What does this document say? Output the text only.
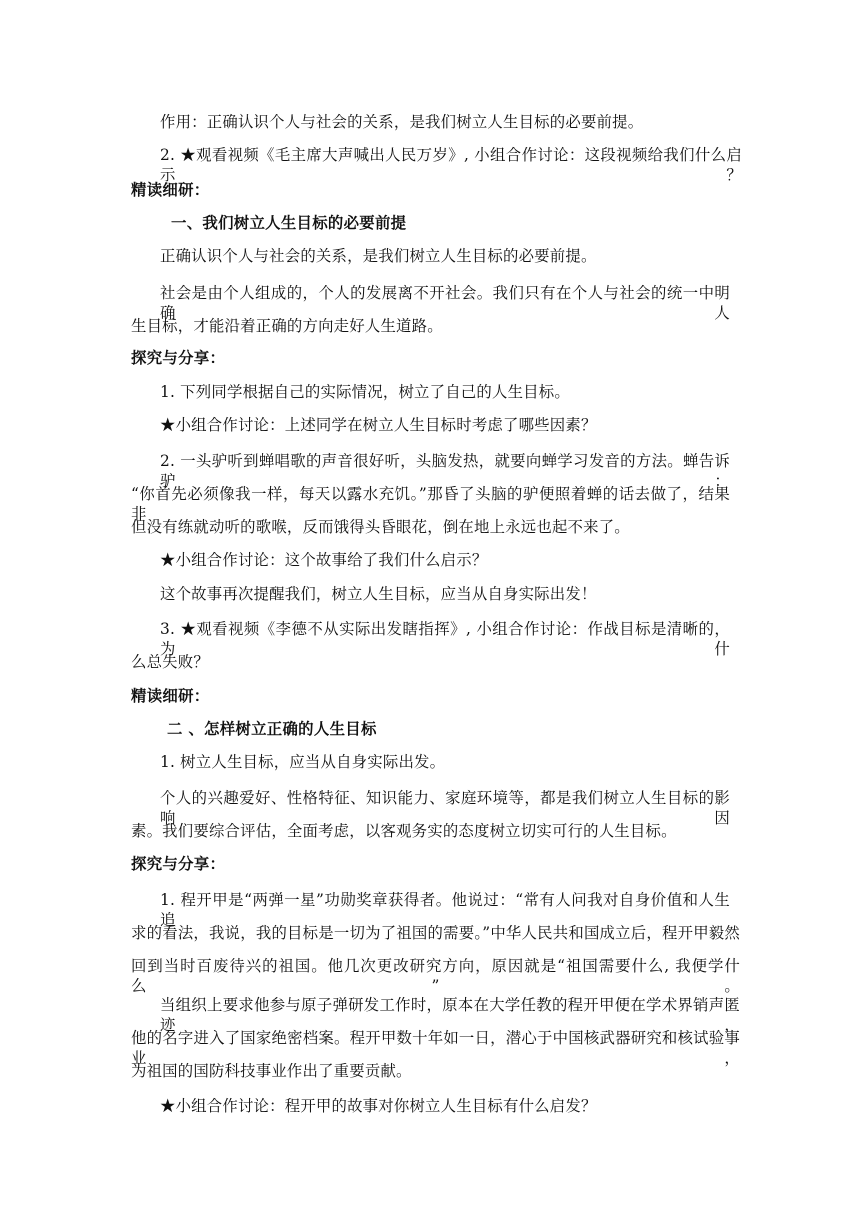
作用：正确认识个人与社会的关系，是我们树立人生目标的必要前提。
2. ★观看视频《毛主席大声喊出人民万岁》, 小组合作讨论：这段视频给我们什么启示？
精读细研：
一、我们树立人生目标的必要前提
正确认识个人与社会的关系，是我们树立人生目标的必要前提。
社会是由个人组成的，个人的发展离不开社会。我们只有在个人与社会的统一中明确人
生目标，才能沿着正确的方向走好人生道路。
探究与分享：
1. 下列同学根据自己的实际情况，树立了自己的人生目标。
★小组合作讨论：上述同学在树立人生目标时考虑了哪些因素？
2. 一头驴听到蝉唱歌的声音很好听，头脑发热，就要向蝉学习发音的方法。蝉告诉驴：
“你首先必须像我一样，每天以露水充饥。”那昏了头脑的驴便照着蝉的话去做了，结果非
但没有练就动听的歌喉，反而饿得头昏眼花，倒在地上永远也起不来了。
★小组合作讨论：这个故事给了我们什么启示？
这个故事再次提醒我们，树立人生目标，应当从自身实际出发！
3. ★观看视频《李德不从实际出发瞎指挥》, 小组合作讨论：作战目标是清晰的，为什
么总失败？
精读细研：
二 、怎样树立正确的人生目标
1. 树立人生目标，应当从自身实际出发。
个人的兴趣爱好、性格特征、知识能力、家庭环境等，都是我们树立人生目标的影响因
素。我们要综合评估，全面考虑，以客观务实的态度树立切实可行的人生目标。
探究与分享：
1. 程开甲是“两弹一星”功勋奖章获得者。他说过：“常有人问我对自身价值和人生追
求的看法，我说，我的目标是一切为了祖国的需要。”中华人民共和国成立后，程开甲毅然
回到当时百废待兴的祖国。他几次更改研究方向，原因就是“祖国需要什么, 我便学什么”。
当组织上要求他参与原子弹研发工作时，原本在大学任教的程开甲便在学术界销声匿迹，
他的名字进入了国家绝密档案。程开甲数十年如一日，潜心于中国核武器研究和核试验事业，
为祖国的国防科技事业作出了重要贡献。
★小组合作讨论：程开甲的故事对你树立人生目标有什么启发？
